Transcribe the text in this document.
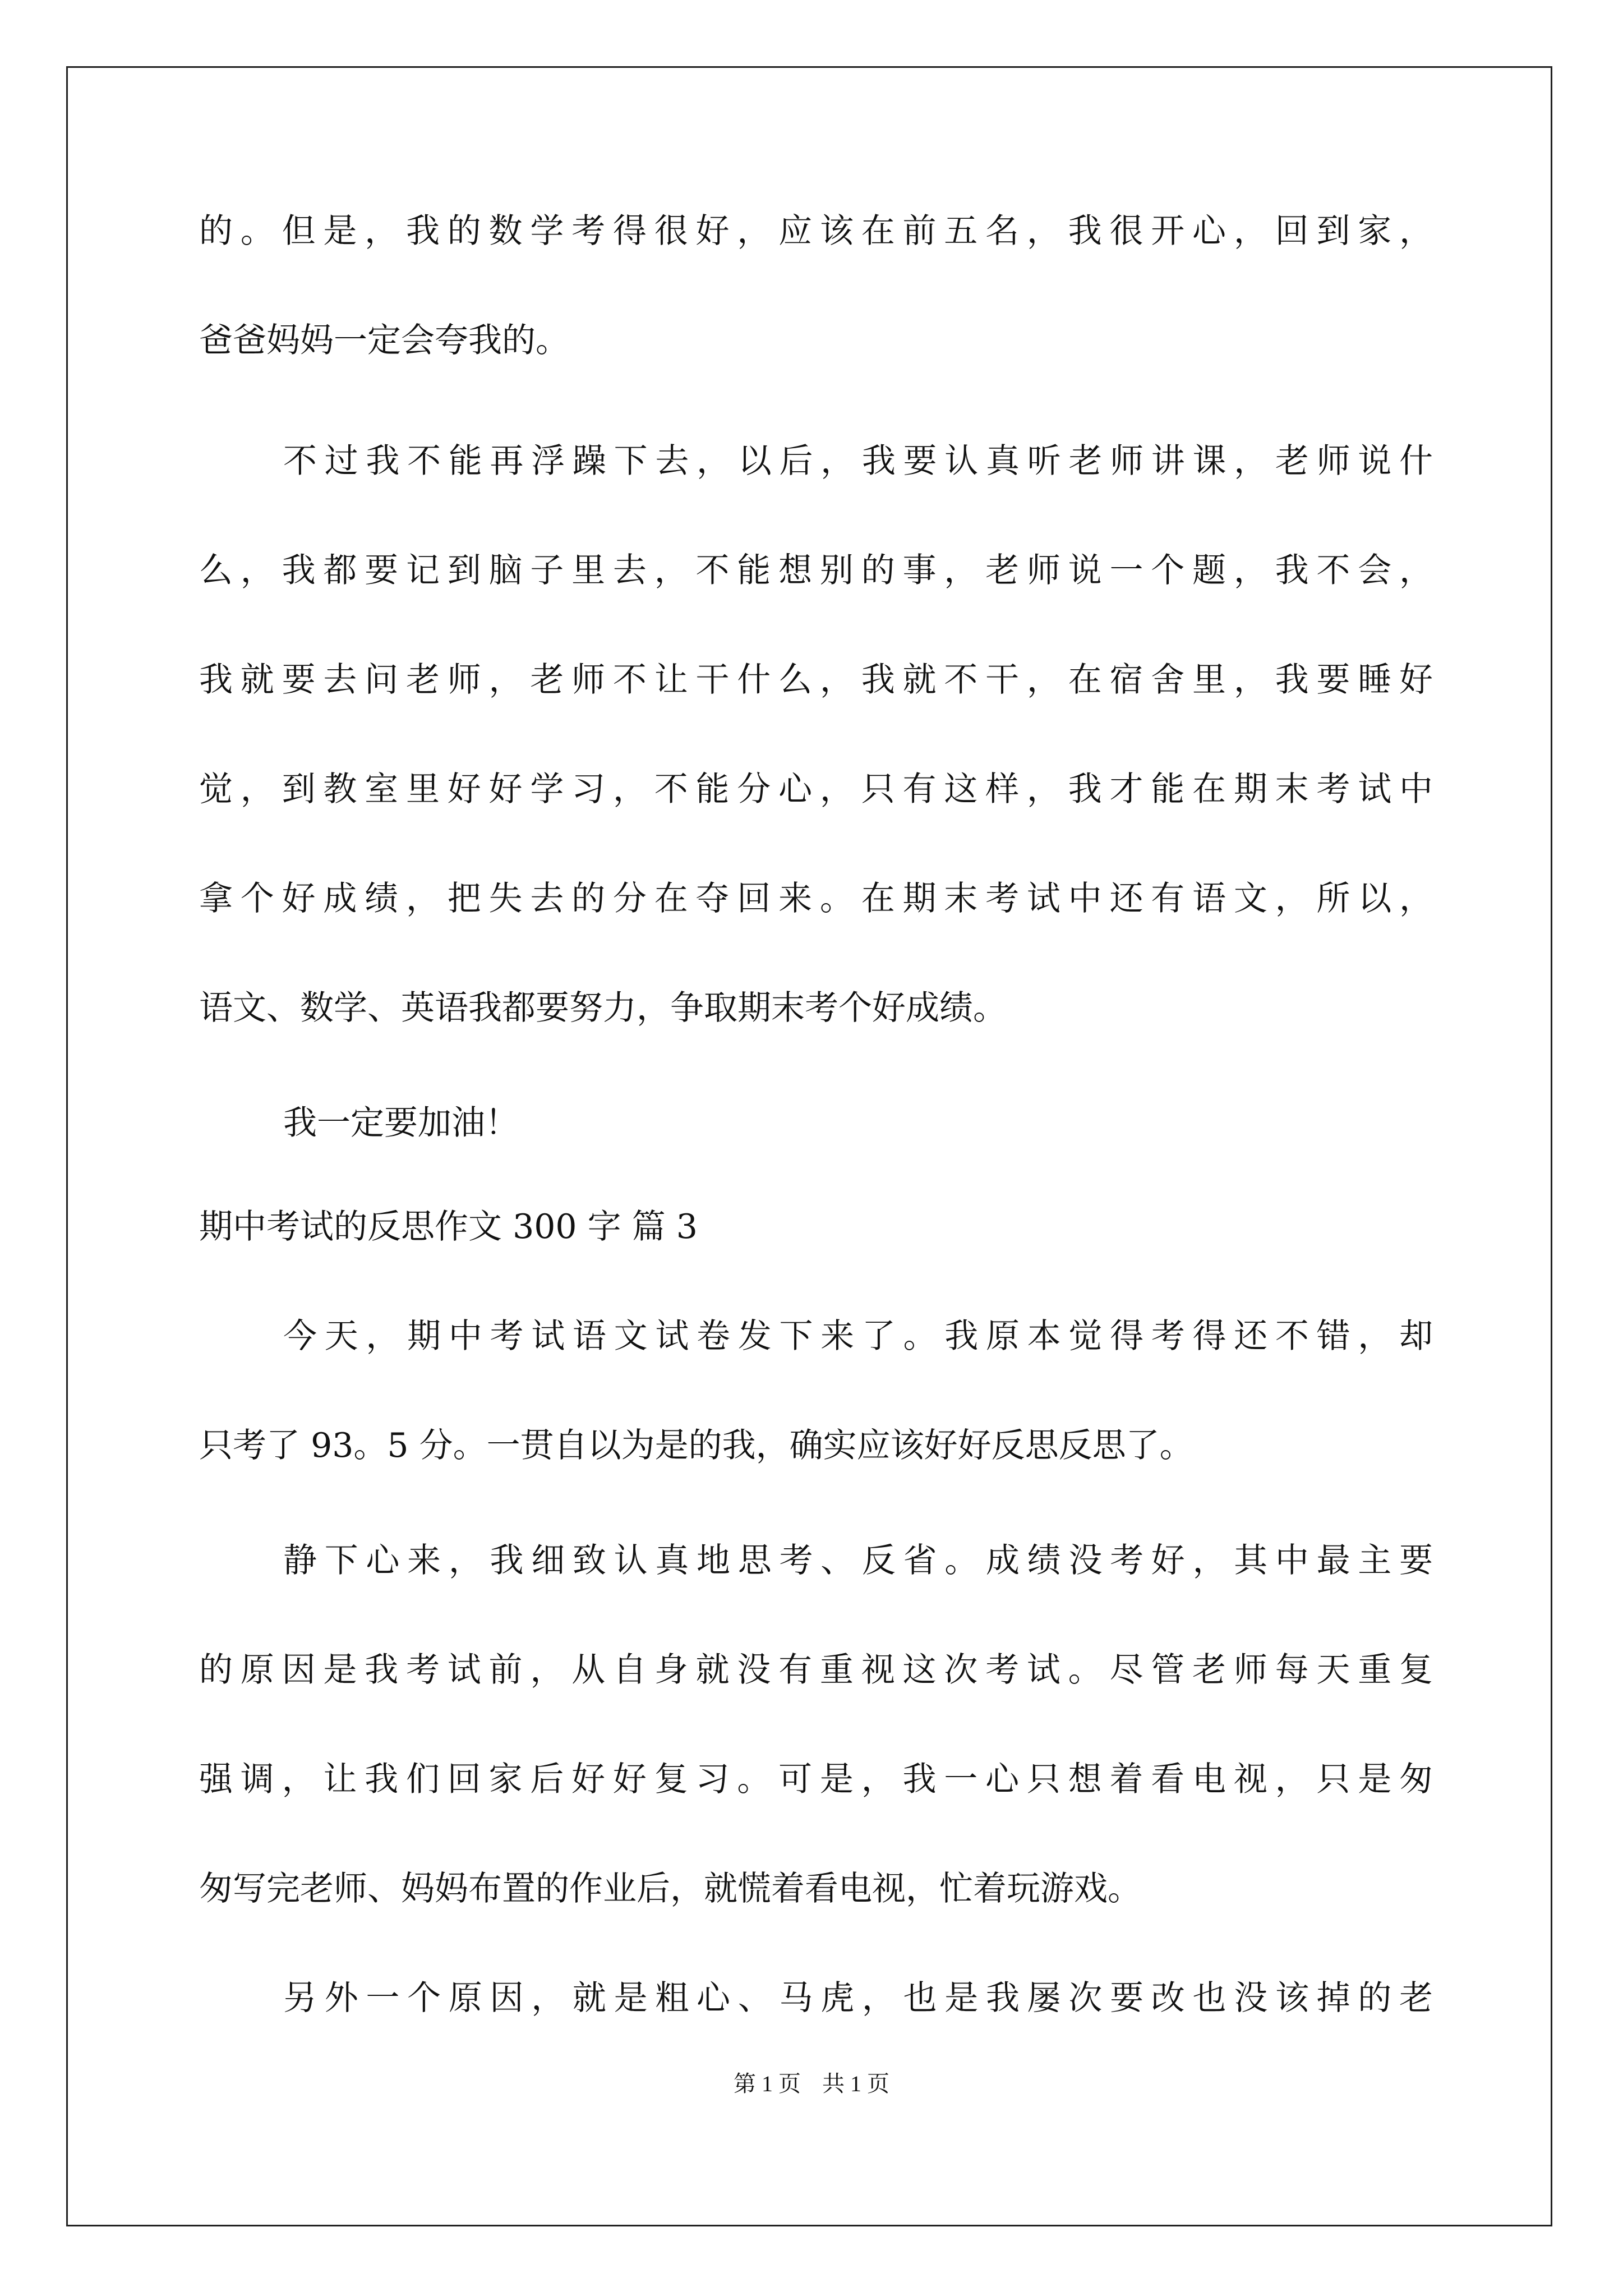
的。但是，我的数学考得很好，应该在前五名，我很开心，回到家，
爸爸妈妈一定会夸我的。
不过我不能再浮躁下去，以后，我要认真听老师讲课，老师说什
么，我都要记到脑子里去，不能想别的事，老师说一个题，我不会，
我就要去问老师，老师不让干什么，我就不干，在宿舍里，我要睡好
觉，到教室里好好学习，不能分心，只有这样，我才能在期末考试中
拿个好成绩，把失去的分在夺回来。在期末考试中还有语文，所以，
语文、数学、英语我都要努力，争取期末考个好成绩。
我一定要加油！
期中考试的反思作文 300 字 篇 3
今天，期中考试语文试卷发下来了。我原本觉得考得还不错，却
只考了 93。5 分。一贯自以为是的我，确实应该好好反思反思了。
静下心来，我细致认真地思考、反省。成绩没考好，其中最主要
的原因是我考试前，从自身就没有重视这次考试。尽管老师每天重复
强调，让我们回家后好好复习。可是，我一心只想着看电视，只是匆
匆写完老师、妈妈布置的作业后，就慌着看电视，忙着玩游戏。
另外一个原因，就是粗心、马虎，也是我屡次要改也没该掉的老
第 1 页 共 1 页
